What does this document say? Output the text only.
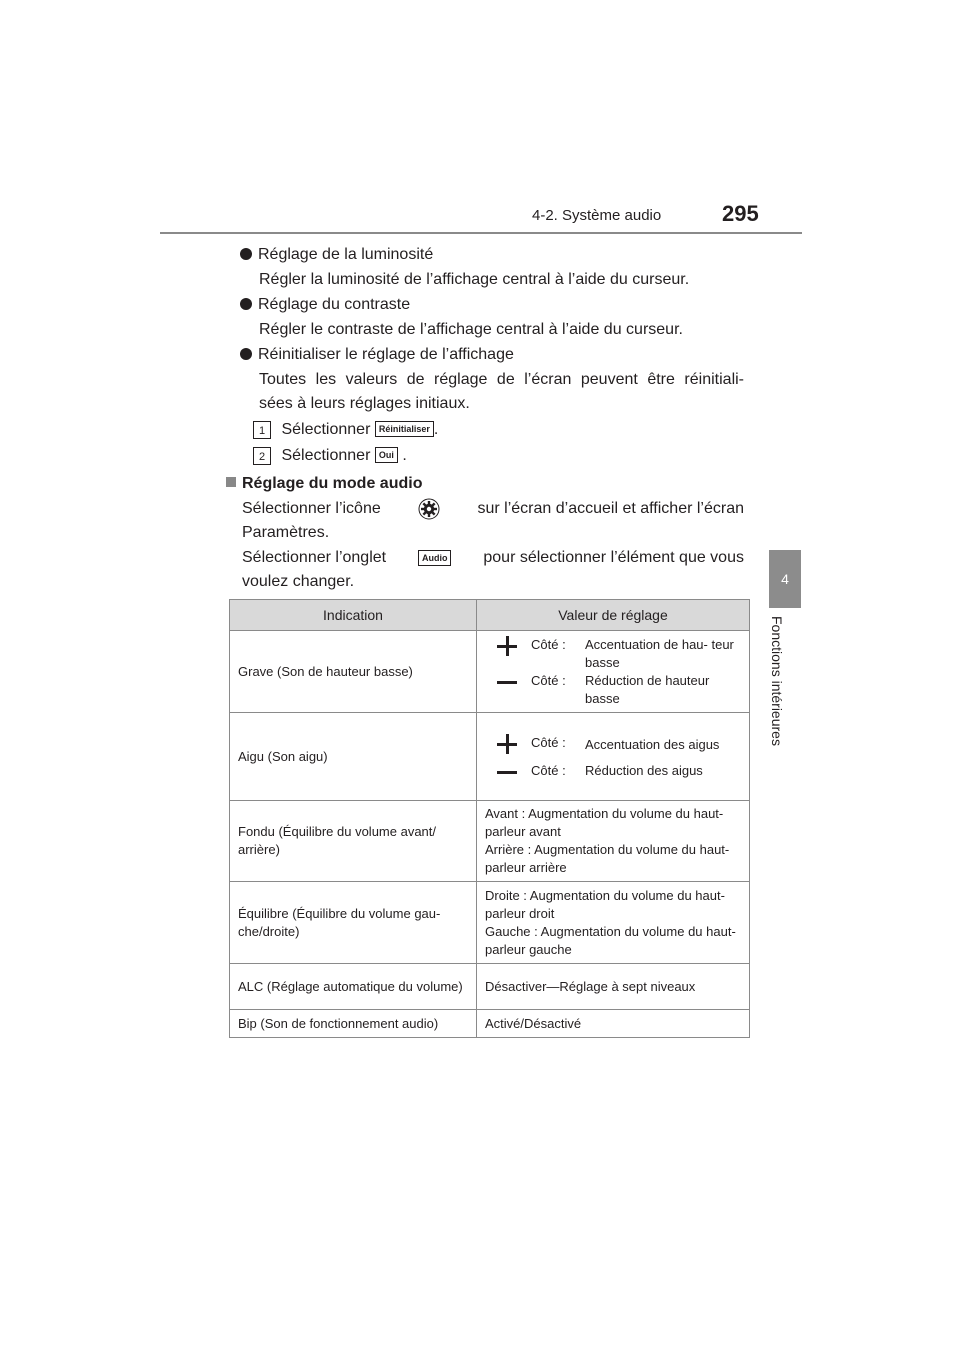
4-2. Système audio	295
4
Fonctions intérieures
Réglage de la luminosité
Régler la luminosité de l’affichage central à l’aide du curseur.
Réglage du contraste
Régler le contraste de l’affichage central à l’aide du curseur.
Réinitialiser le réglage de l’affichage
Toutes les valeurs de réglage de l’écran peuvent être réinitiali-
sées à leurs réglages initiaux.
1 Sélectionner Réinitialiser .
2 Sélectionner Oui .
Réglage du mode audio
Sélectionner l’icône	sur l’écran d’accueil et afficher l’écran
Paramètres.
Sélectionner l’onglet	Audio pour sélectionner l’élément que vous
voulez changer.
Indication	Valeur de réglage
Grave (Son de hauteur basse)	Côté : Accentuation de hau- teur basse
Côté : Réduction de hauteur basse

Aigu (Son aigu)	Côté : Accentuation des aigus
Côté : Réduction des aigus

Fondu (Équilibre du volume avant/ arrière)	Avant : Augmentation du volume du haut-parleur avant
Arrière : Augmentation du volume du haut-parleur arrière

Équilibre (Équilibre du volume gau- che/droite)	Droite : Augmentation du volume du haut-parleur droit
Gauche : Augmentation du volume du haut-parleur gauche

ALC (Réglage automatique du volume)	Désactiver—Réglage à sept niveaux
Bip (Son de fonctionnement audio)	Activé/Désactivé
